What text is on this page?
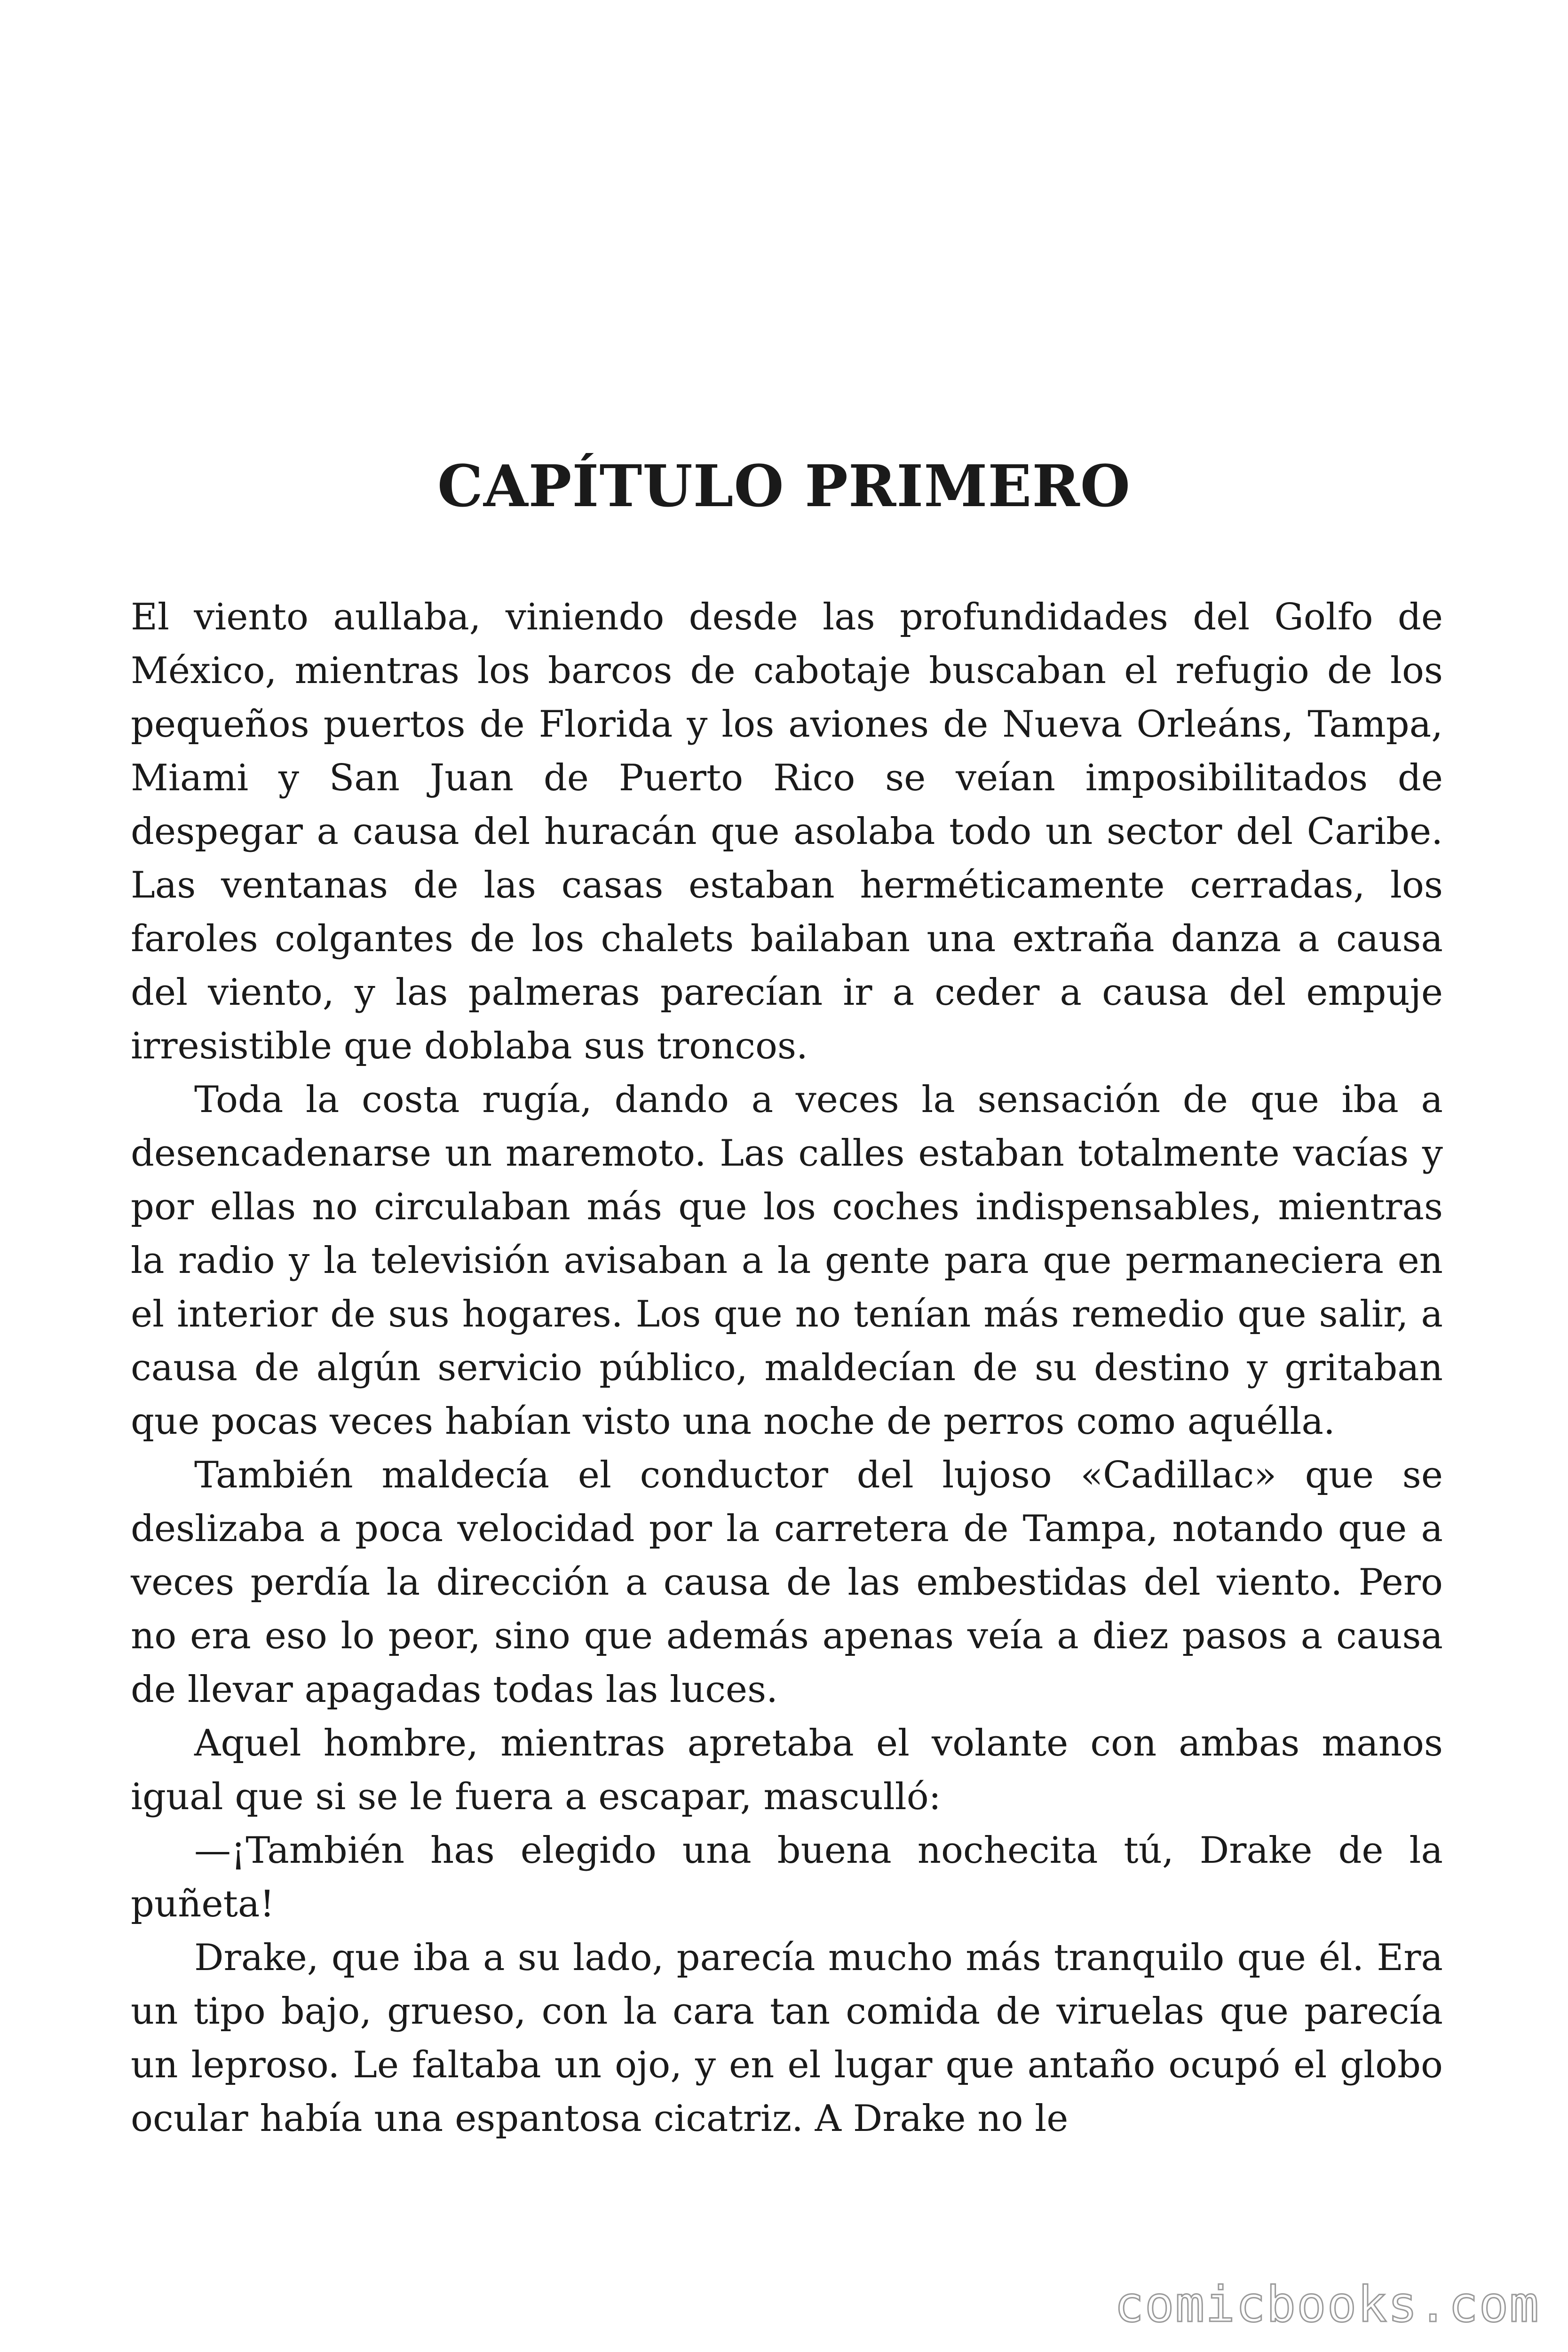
CAPÍTULO PRIMERO

El viento aullaba, viniendo desde las profundidades del Golfo de México, mientras los barcos de cabotaje buscaban el refugio de los pequeños puertos de Florida y los aviones de Nueva Orleáns, Tampa, Miami y San Juan de Puerto Rico se veían imposibilitados de despegar a causa del huracán que asolaba todo un sector del Caribe. Las ventanas de las casas estaban herméticamente cerradas, los faroles colgantes de los chalets bailaban una extraña danza a causa del viento, y las palmeras parecían ir a ceder a causa del empuje irresistible que doblaba sus troncos.

Toda la costa rugía, dando a veces la sensación de que iba a desencadenarse un maremoto. Las calles estaban totalmente vacías y por ellas no circulaban más que los coches indispensables, mientras la radio y la televisión avisaban a la gente para que permaneciera en el interior de sus hogares. Los que no tenían más remedio que salir, a causa de algún servicio público, maldecían de su destino y gritaban que pocas veces habían visto una noche de perros como aquélla.

También maldecía el conductor del lujoso «Cadillac» que se deslizaba a poca velocidad por la carretera de Tampa, notando que a veces perdía la dirección a causa de las embestidas del viento. Pero no era eso lo peor, sino que además apenas veía a diez pasos a causa de llevar apagadas todas las luces.

Aquel hombre, mientras apretaba el volante con ambas manos igual que si se le fuera a escapar, masculló:

—¡También has elegido una buena nochecita tú, Drake de la puñeta!

Drake, que iba a su lado, parecía mucho más tranquilo que él. Era un tipo bajo, grueso, con la cara tan comida de viruelas que parecía un leproso. Le faltaba un ojo, y en el lugar que antaño ocupó el globo ocular había una espantosa cicatriz. A Drake no le

comicbooks.com
